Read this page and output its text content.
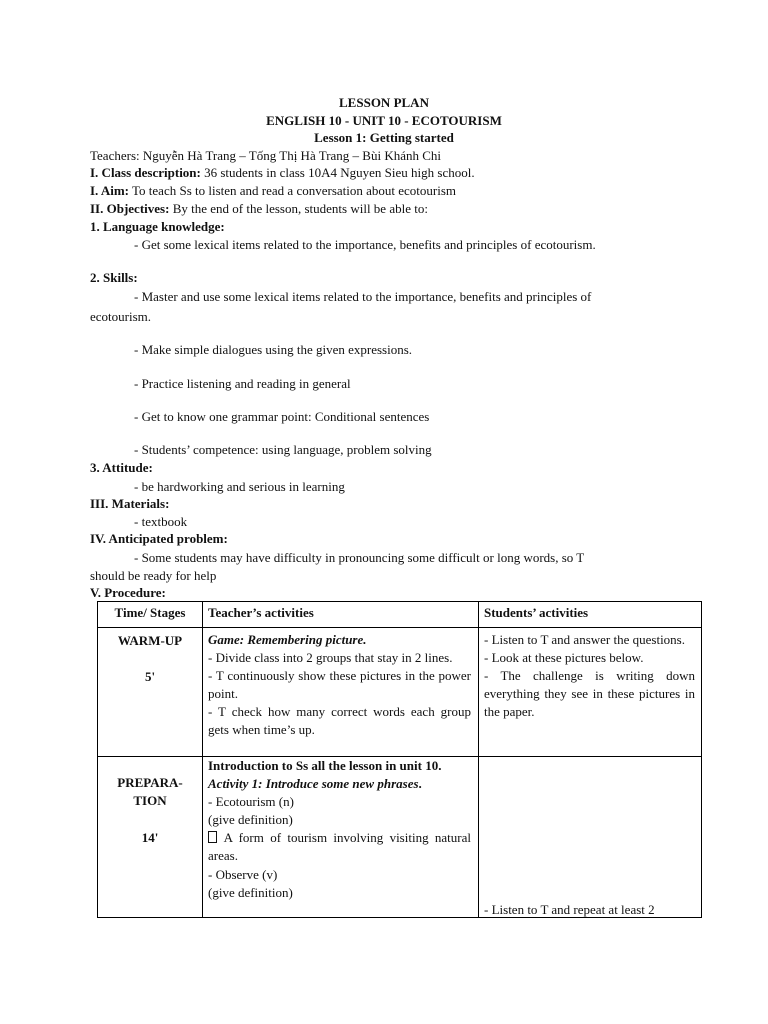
LESSON PLAN
ENGLISH 10 - UNIT 10 - ECOTOURISM
Lesson 1: Getting started
Teachers: Nguyễn Hà Trang – Tống Thị Hà Trang – Bùi Khánh Chi
I. Class description: 36 students in class 10A4 Nguyen Sieu high school.
I. Aim: To teach Ss to listen and read a conversation about ecotourism
II. Objectives: By the end of the lesson, students will be able to:
1. Language knowledge:
- Get some lexical items related to the importance, benefits and principles of ecotourism.
2. Skills:
- Master and use some lexical items related to the importance, benefits and principles of
ecotourism.
- Make simple dialogues using the given expressions.
- Practice listening and reading in general
- Get to know one grammar point: Conditional sentences
- Students’ competence: using language, problem solving
3. Attitude:
- be hardworking and serious in learning
III. Materials:
- textbook
IV. Anticipated problem:
- Some students may have difficulty in pronouncing some difficult or long words, so T
should be ready for help
V. Procedure:
Time/ Stages	Teacher’s activities	Students’ activities
WARM-UP
5'
Game: Remembering picture.
- Divide class into 2 groups that stay in 2 lines.
- T continuously show these pictures in the power point.
- T check how many correct words each group gets when time’s up.
- Listen to T and answer the questions.
- Look at these pictures below.
- The challenge is writing down everything they see in these pictures in the paper.
PREPARA-
TION
14'
Introduction to Ss all the lesson in unit 10.
Activity 1: Introduce some new phrases.
- Ecotourism (n)
(give definition)
A form of tourism involving visiting natural areas.
- Observe (v)
(give definition)
- Listen to T and repeat at least 2
